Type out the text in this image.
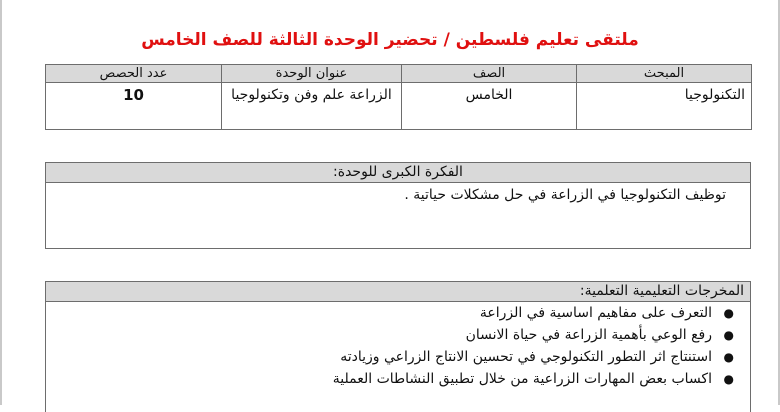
ملتقى تعليم فلسطين / تحضير الوحدة الثالثة للصف الخامس
المبحث	الصف	عنوان الوحدة	عدد الحصص
التكنولوجيا	الخامس	الزراعة علم وفن وتكنولوجيا	10
الفكرة الكبرى للوحدة:
توظيف التكنولوجيا في الزراعة في حل مشكلات حياتية .
المخرجات التعليمية التعلمية:
●
التعرف على مفاهيم اساسية في الزراعة
●
رفع الوعي بأهمية الزراعة في حياة الانسان
●
استنتاج اثر التطور التكنولوجي في تحسين الانتاج الزراعي وزيادته
●
اكساب بعض المهارات الزراعية من خلال تطبيق النشاطات العملية
